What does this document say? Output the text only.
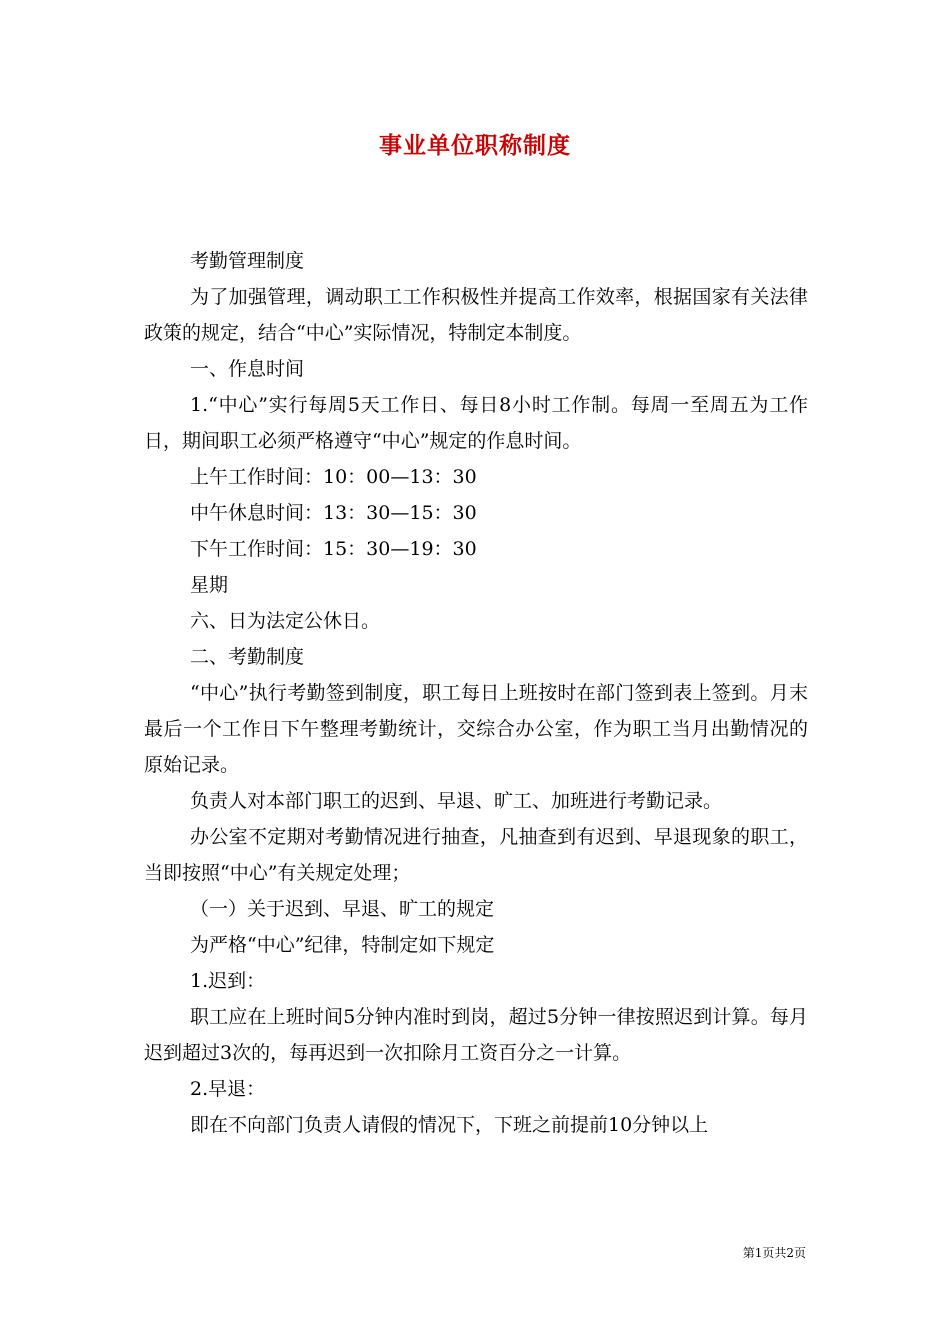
事业单位职称制度

考勤管理制度

为了加强管理，调动职工工作积极性并提高工作效率，根据国家有关法律政策的规定，结合“中心”实际情况，特制定本制度。

一、作息时间

1.“中心”实行每周5天工作日、每日8小时工作制。每周一至周五为工作日，期间职工必须严格遵守“中心”规定的作息时间。

上午工作时间：10：00—13：30

中午休息时间：13：30—15：30

下午工作时间：15：30—19：30

星期

六、日为法定公休日。

二、考勤制度

“中心”执行考勤签到制度，职工每日上班按时在部门签到表上签到。月末最后一个工作日下午整理考勤统计，交综合办公室，作为职工当月出勤情况的原始记录。

负责人对本部门职工的迟到、早退、旷工、加班进行考勤记录。

办公室不定期对考勤情况进行抽查，凡抽查到有迟到、早退现象的职工，当即按照“中心”有关规定处理；

（一）关于迟到、早退、旷工的规定

为严格“中心”纪律，特制定如下规定

1.迟到：

职工应在上班时间5分钟内准时到岗，超过5分钟一律按照迟到计算。每月迟到超过3次的，每再迟到一次扣除月工资百分之一计算。

2.早退：

即在不向部门负责人请假的情况下，下班之前提前10分钟以上

第1页共2页
